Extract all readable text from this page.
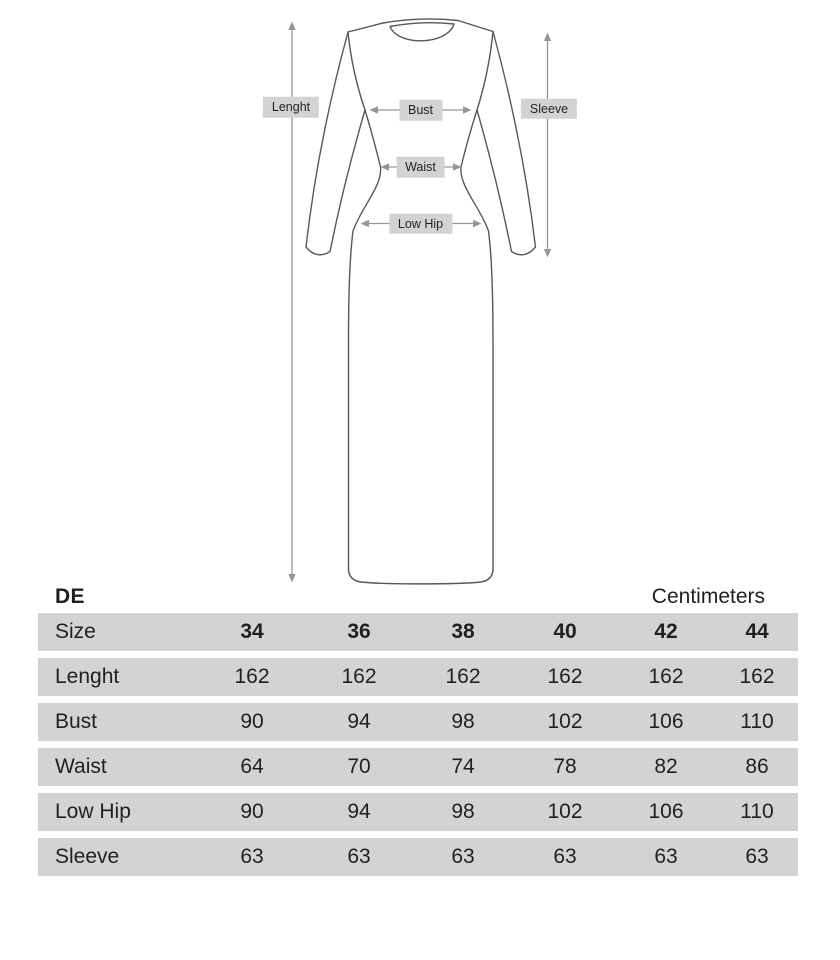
Lenght	Bust
Waist
Low Hip
Sleeve
DE	Centimeters
Size	34	36	38	40	42	44
Lenght	162	162	162	162	162	162
Bust	90	94	98	102	106	110
Waist	64	70	74	78	82	86
Low Hip	90	94	98	102	106	110
Sleeve	63	63	63	63	63	63
